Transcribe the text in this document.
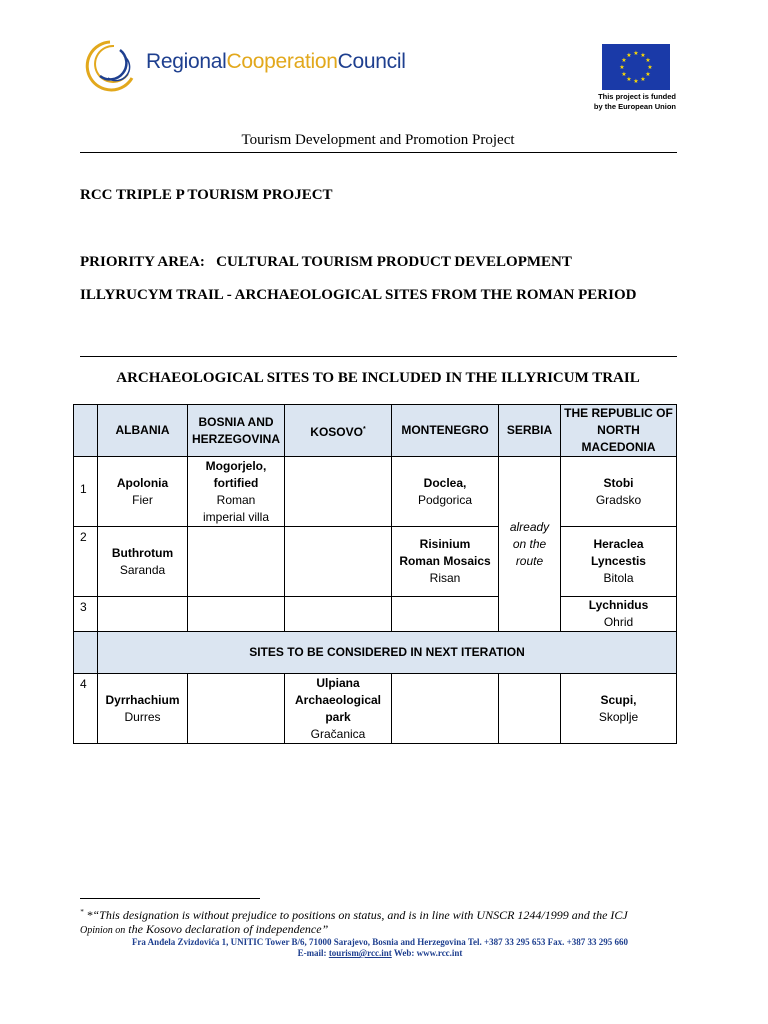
RegionalCooperationCouncil	★ ★
★
★
★
★
★
★
★
★
★
★
This project is funded
by the European Union
Tourism Development and Promotion Project
RCC TRIPLE P TOURISM PROJECT
PRIORITY AREA:   CULTURAL TOURISM PRODUCT DEVELOPMENT
ILLYRUCYM TRAIL - ARCHAEOLOGICAL SITES FROM THE ROMAN PERIOD
ARCHAEOLOGICAL SITES TO BE INCLUDED IN THE ILLYRICUM TRAIL
	ALBANIA	BOSNIA AND
HERZEGOVINA	KOSOVO*	MONTENEGRO	SERBIA	THE REPUBLIC OF
NORTH
MACEDONIA

1	Apolonia
Fier	Mogorjelo,
fortified
Roman
imperial villa		Doclea,
Podgorica	already
on the
route	Stobi
Gradsko

2	Buthrotum
Saranda			Risinium
Roman Mosaics
Risan		Heraclea
Lyncestis
Bitola

3						Lychnidus
Ohrid

	SITES TO BE CONSIDERED IN NEXT ITERATION					
4	Dyrrhachium
Durres		Ulpiana
Archaeological
park
Gračanica			Scupi,
Skoplje
* *“This designation is without prejudice to positions on status, and is in line with UNSCR 1244/1999 and the ICJ
Opinion on the Kosovo declaration of independence”
Fra Anđela Zvizdovića 1, UNITIC Tower B/6, 71000 Sarajevo, Bosnia and Herzegovina Tel. +387 33 295 653 Fax. +387 33 295 660
E-mail: tourism@rcc.int Web: www.rcc.int
